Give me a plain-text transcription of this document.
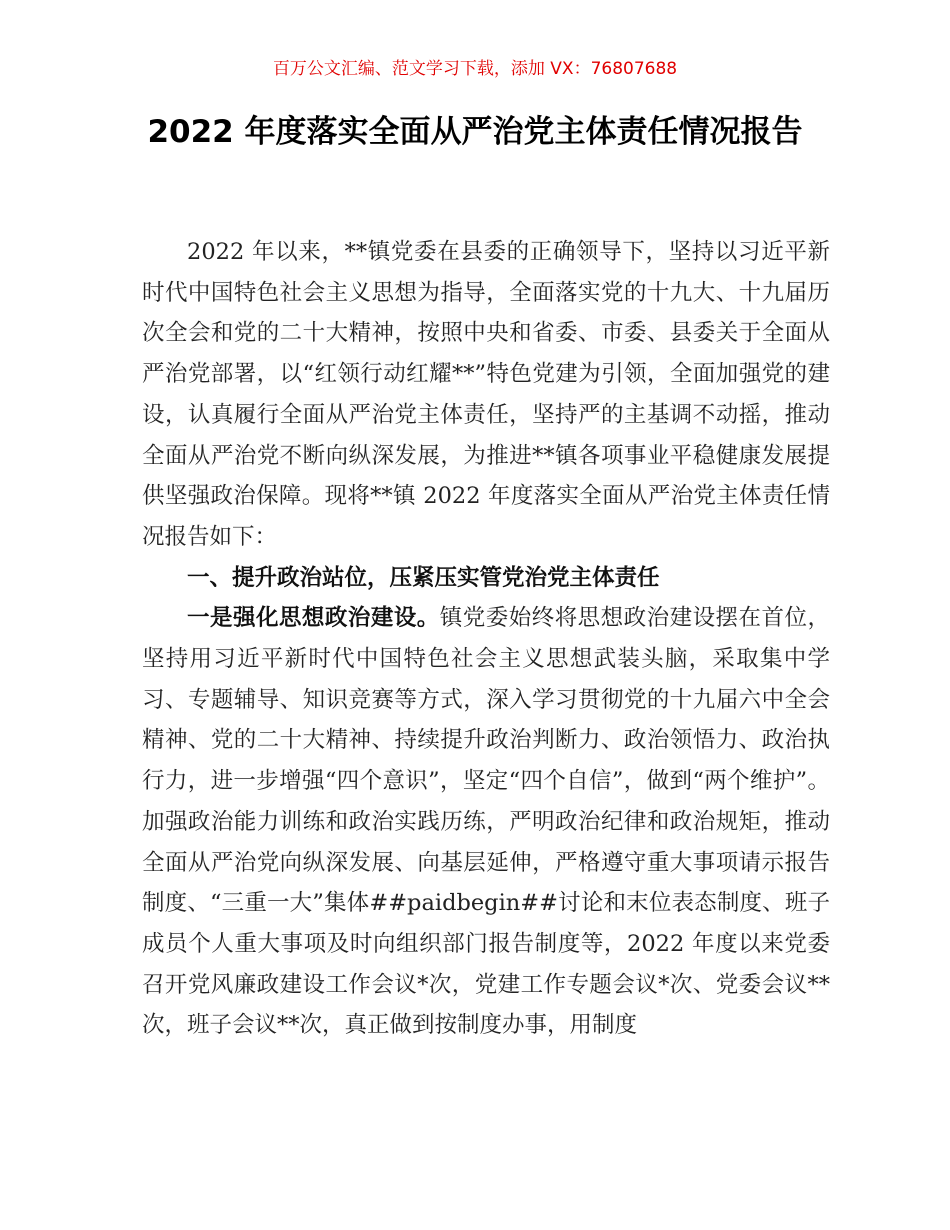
百万公文汇编、范文学习下载，添加 VX：76807688

2022 年度落实全面从严治党主体责任情况报告

2022 年以来，**镇党委在县委的正确领导下，坚持以习近平新时代中国特色社会主义思想为指导，全面落实党的十九大、十九届历次全会和党的二十大精神，按照中央和省委、市委、县委关于全面从严治党部署，以“红领行动红耀**”特色党建为引领，全面加强党的建设，认真履行全面从严治党主体责任，坚持严的主基调不动摇，推动全面从严治党不断向纵深发展，为推进**镇各项事业平稳健康发展提供坚强政治保障。现将**镇 2022 年度落实全面从严治党主体责任情况报告如下：

一、提升政治站位，压紧压实管党治党主体责任

一是强化思想政治建设。镇党委始终将思想政治建设摆在首位，坚持用习近平新时代中国特色社会主义思想武装头脑，采取集中学习、专题辅导、知识竞赛等方式，深入学习贯彻党的十九届六中全会精神、党的二十大精神、持续提升政治判断力、政治领悟力、政治执行力，进一步增强“四个意识”，坚定“四个自信”，做到“两个维护”。加强政治能力训练和政治实践历练，严明政治纪律和政治规矩，推动全面从严治党向纵深发展、向基层延伸，严格遵守重大事项请示报告制度、“三重一大”集体##paidbegin##讨论和末位表态制度、班子成员个人重大事项及时向组织部门报告制度等，2022 年度以来党委召开党风廉政建设工作会议*次，党建工作专题会议*次、党委会议**次，班子会议**次，真正做到按制度办事，用制度
